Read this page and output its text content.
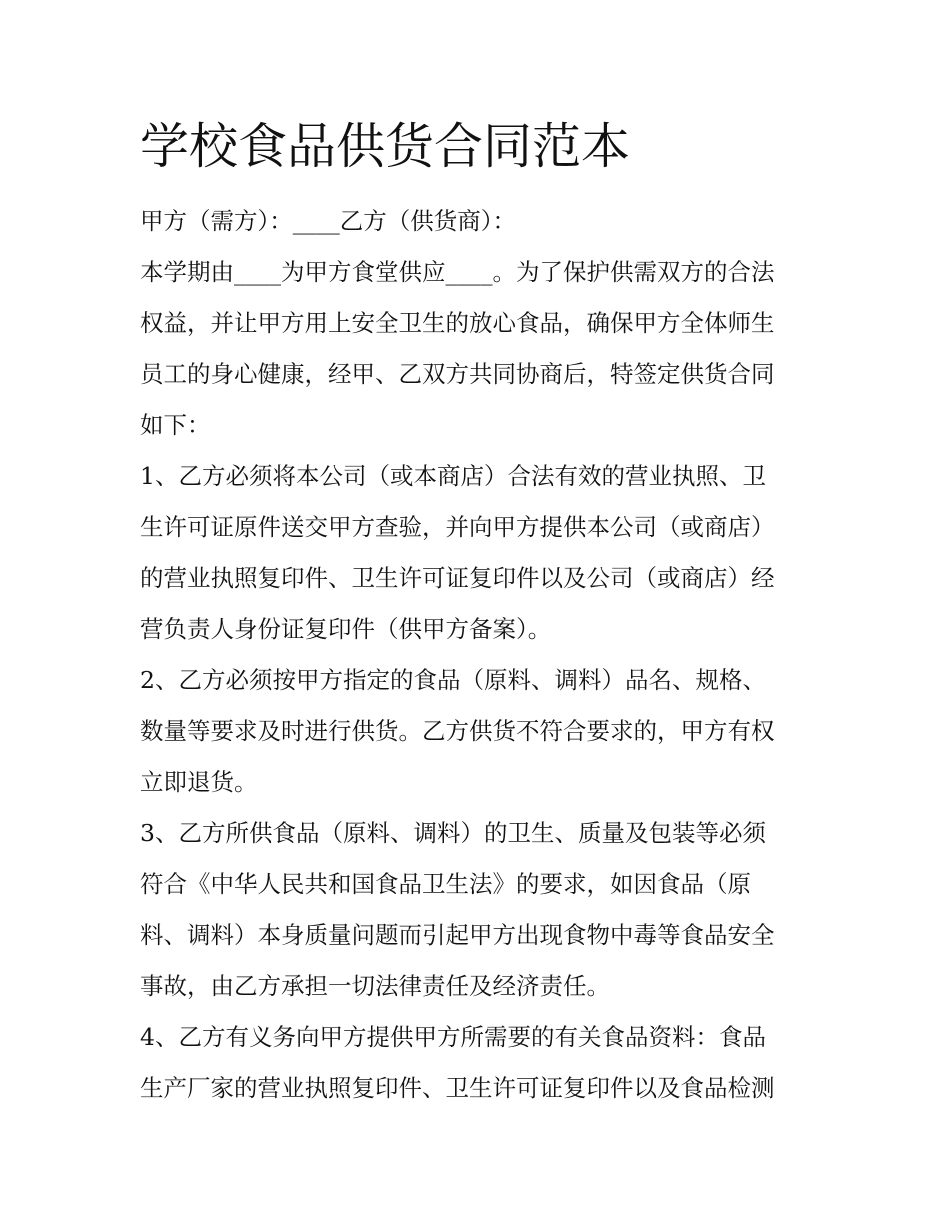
学校食品供货合同范本
甲方（需方）：____乙方（供货商）：
本学期由____为甲方食堂供应____。为了保护供需双方的合法
权益，并让甲方用上安全卫生的放心食品，确保甲方全体师生
员工的身心健康，经甲、乙双方共同协商后，特签定供货合同
如下：
1、乙方必须将本公司（或本商店）合法有效的营业执照、卫
生许可证原件送交甲方查验，并向甲方提供本公司（或商店）
的营业执照复印件、卫生许可证复印件以及公司（或商店）经
营负责人身份证复印件（供甲方备案）。
2、乙方必须按甲方指定的食品（原料、调料）品名、规格、
数量等要求及时进行供货。乙方供货不符合要求的，甲方有权
立即退货。
3、乙方所供食品（原料、调料）的卫生、质量及包装等必须
符合《中华人民共和国食品卫生法》的要求，如因食品（原
料、调料）本身质量问题而引起甲方出现食物中毒等食品安全
事故，由乙方承担一切法律责任及经济责任。
4、乙方有义务向甲方提供甲方所需要的有关食品资料：食品
生产厂家的营业执照复印件、卫生许可证复印件以及食品检测
